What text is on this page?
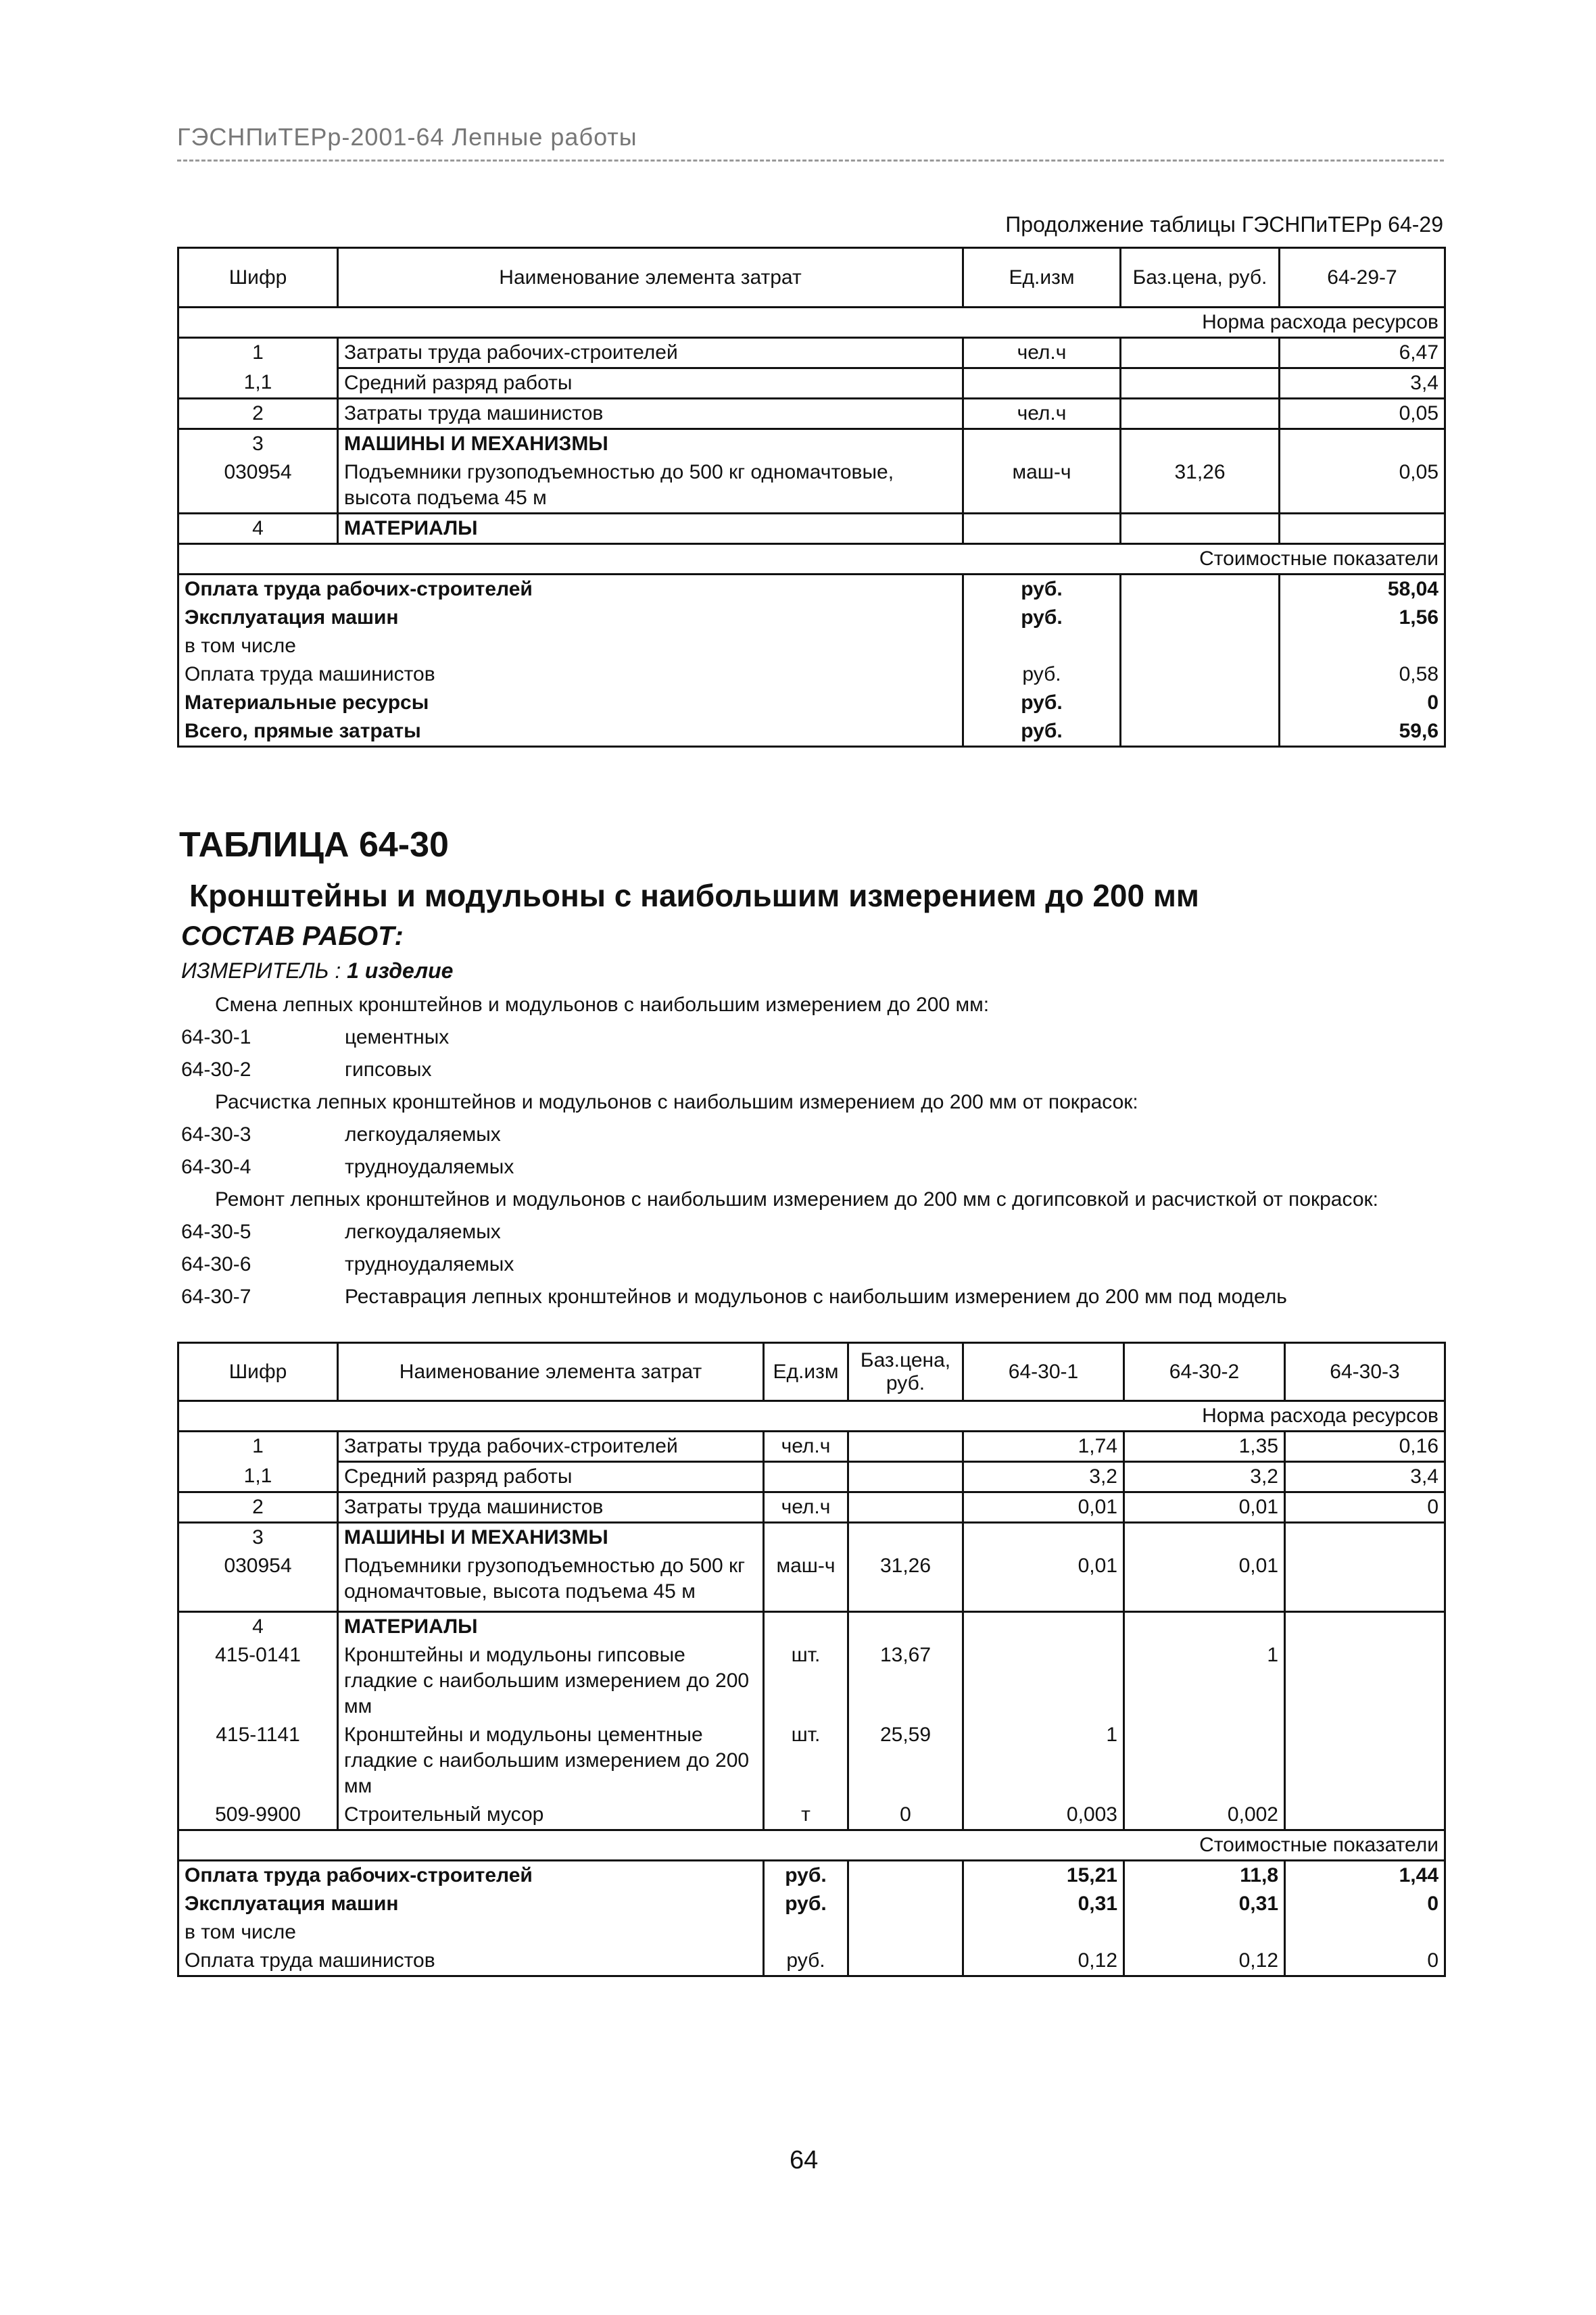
ГЭСНПиТЕРр-2001-64 Лепные работы
Продолжение таблицы ГЭСНПиТЕРр 64-29
Шифр	Наименование элемента затрат	Ед.изм	Баз.цена, руб.	64-29-7
Норма расхода ресурсов				
1	Затраты труда рабочих-строителей	чел.ч		6,47
1,1	Средний разряд работы			3,4
2	Затраты труда машинистов	чел.ч		0,05
3	МАШИНЫ И МЕХАНИЗМЫ			
030954	Подъемники грузоподъемностью до 500 кг одномачтовые, высота подъема 45 м	маш-ч	31,26	0,05
4	МАТЕРИАЛЫ			
Стоимостные показатели				
Оплата труда рабочих-строителей		руб.		58,04
Эксплуатация машин		руб.		1,56
в том числе				
Оплата труда машинистов		руб.		0,58
Материальные ресурсы		руб.		0
Всего, прямые затраты		руб.		59,6
ТАБЛИЦА 64-30
Кронштейны и модульоны с наибольшим измерением до 200 мм
СОСТАВ РАБОТ:
ИЗМЕРИТЕЛЬ : 1 изделие
Смена лепных кронштейнов и модульонов с наибольшим измерением до 200 мм:
64-30-1	цементных
64-30-2	гипсовых
Расчистка лепных кронштейнов и модульонов с наибольшим измерением до 200 мм от покрасок:
64-30-3	легкоудаляемых
64-30-4	трудноудаляемых
Ремонт лепных кронштейнов и модульонов с наибольшим измерением до 200 мм с догипсовкой и расчисткой от покрасок:
64-30-5	легкоудаляемых
64-30-6	трудноудаляемых
64-30-7	Реставрация лепных кронштейнов и модульонов с наибольшим измерением до 200 мм под модель
Шифр	Наименование элемента затрат	Ед.изм	Баз.цена, руб.	64-30-1	64-30-2	64-30-3
Норма расхода ресурсов						
1	Затраты труда рабочих-строителей	чел.ч		1,74	1,35	0,16
1,1	Средний разряд работы			3,2	3,2	3,4
2	Затраты труда машинистов	чел.ч		0,01	0,01	0
3	МАШИНЫ И МЕХАНИЗМЫ					
030954	Подъемники грузоподъемностью до 500 кг одномачтовые, высота подъема 45 м	маш-ч	31,26	0,01	0,01	
4	МАТЕРИАЛЫ					
415-0141	Кронштейны и модульоны гипсовые гладкие с наибольшим измерением до 200 мм	шт.	13,67		1	
415-1141	Кронштейны и модульоны цементные гладкие с наибольшим измерением до 200 мм	шт.	25,59	1		
509-9900	Строительный мусор	т	0	0,003	0,002	
Стоимостные показатели						
Оплата труда рабочих-строителей		руб.		15,21	11,8	1,44
Эксплуатация машин		руб.		0,31	0,31	0
в том числе						
Оплата труда машинистов		руб.		0,12	0,12	0
64
